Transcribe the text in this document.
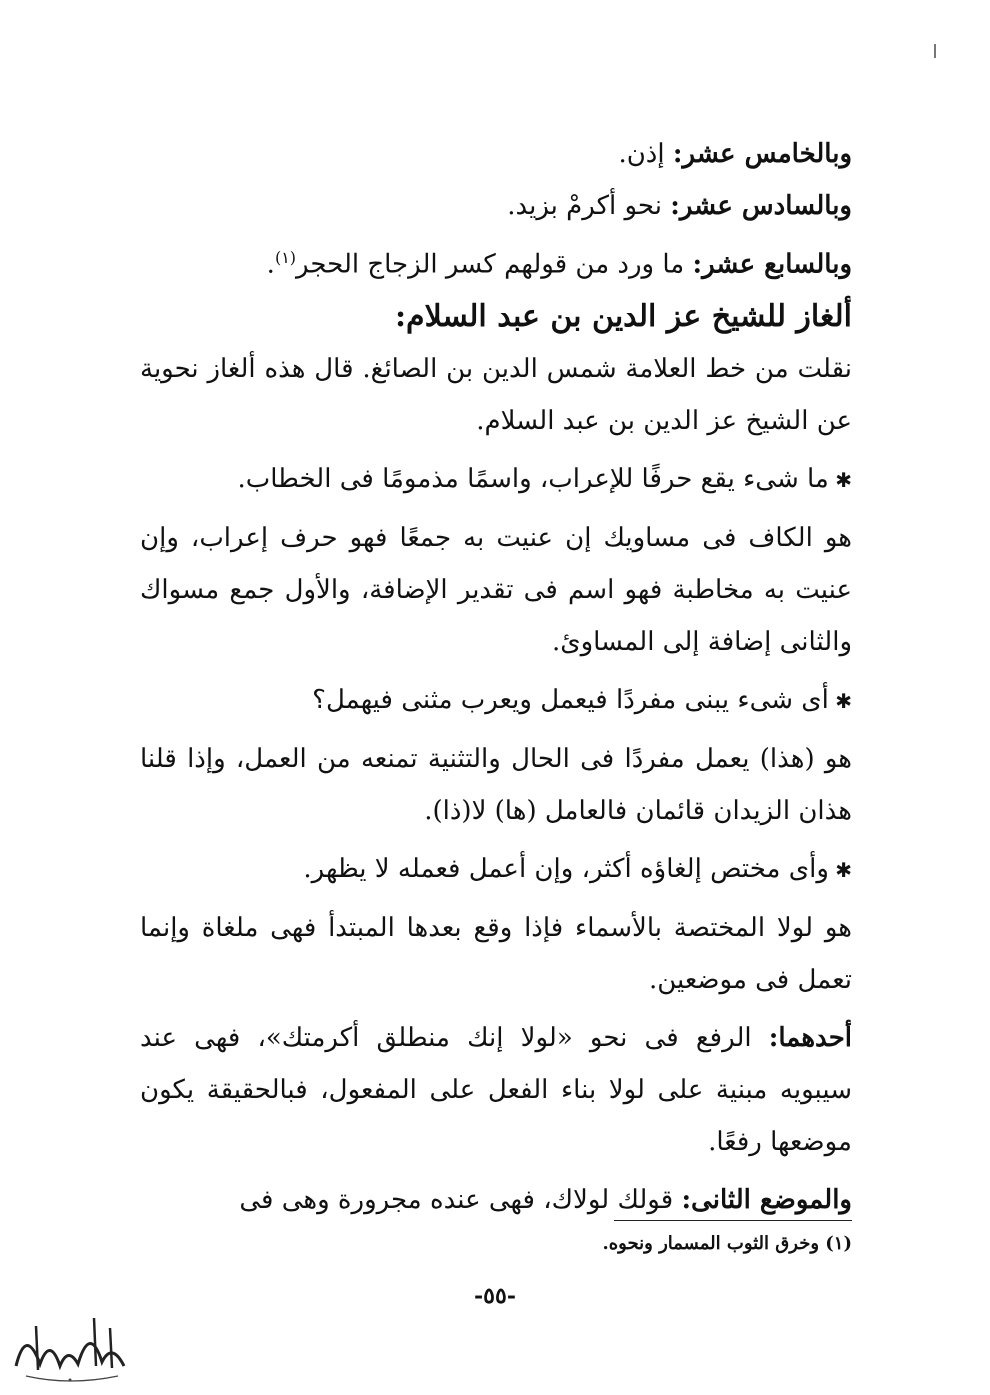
وبالخامس عشر: إذن.

وبالسادس عشر: نحو أكرمْ بزيد.

وبالسابع عشر: ما ورد من قولهم كسر الزجاج الحجر$^{(١)}$.

ألغاز للشيخ عز الدين بن عبد السلام:

نقلت من خط العلامة شمس الدين بن الصائغ. قال هذه ألغاز نحوية عن الشيخ عز الدين بن عبد السلام.

✱ ما شىء يقع حرفًا للإعراب، واسمًا مذمومًا فى الخطاب.

هو الكاف فى مساويك إن عنيت به جمعًا فهو حرف إعراب، وإن عنيت به مخاطبة فهو اسم فى تقدير الإضافة، والأول جمع مسواك والثانى إضافة إلى المساوئ.

✱ أى شىء يبنى مفردًا فيعمل ويعرب مثنى فيهمل؟

هو (هذا) يعمل مفردًا فى الحال والتثنية تمنعه من العمل، وإذا قلنا هذان الزيدان قائمان فالعامل (ها) لا(ذا).

✱ وأى مختص إلغاؤه أكثر، وإن أعمل فعمله لا يظهر.

هو لولا المختصة بالأسماء فإذا وقع بعدها المبتدأ فهى ملغاة وإنما تعمل فى موضعين.

أحدهما: الرفع فى نحو «لولا إنك منطلق أكرمتك»، فهى عند سيبويه مبنية على لولا بناء الفعل على المفعول، فبالحقيقة يكون موضعها رفعًا.

والموضع الثانى: قولك لولاك، فهى عنده مجرورة وهى فى

(١) وخرق الثوب المسمار ونحوه.
-٥٥-
